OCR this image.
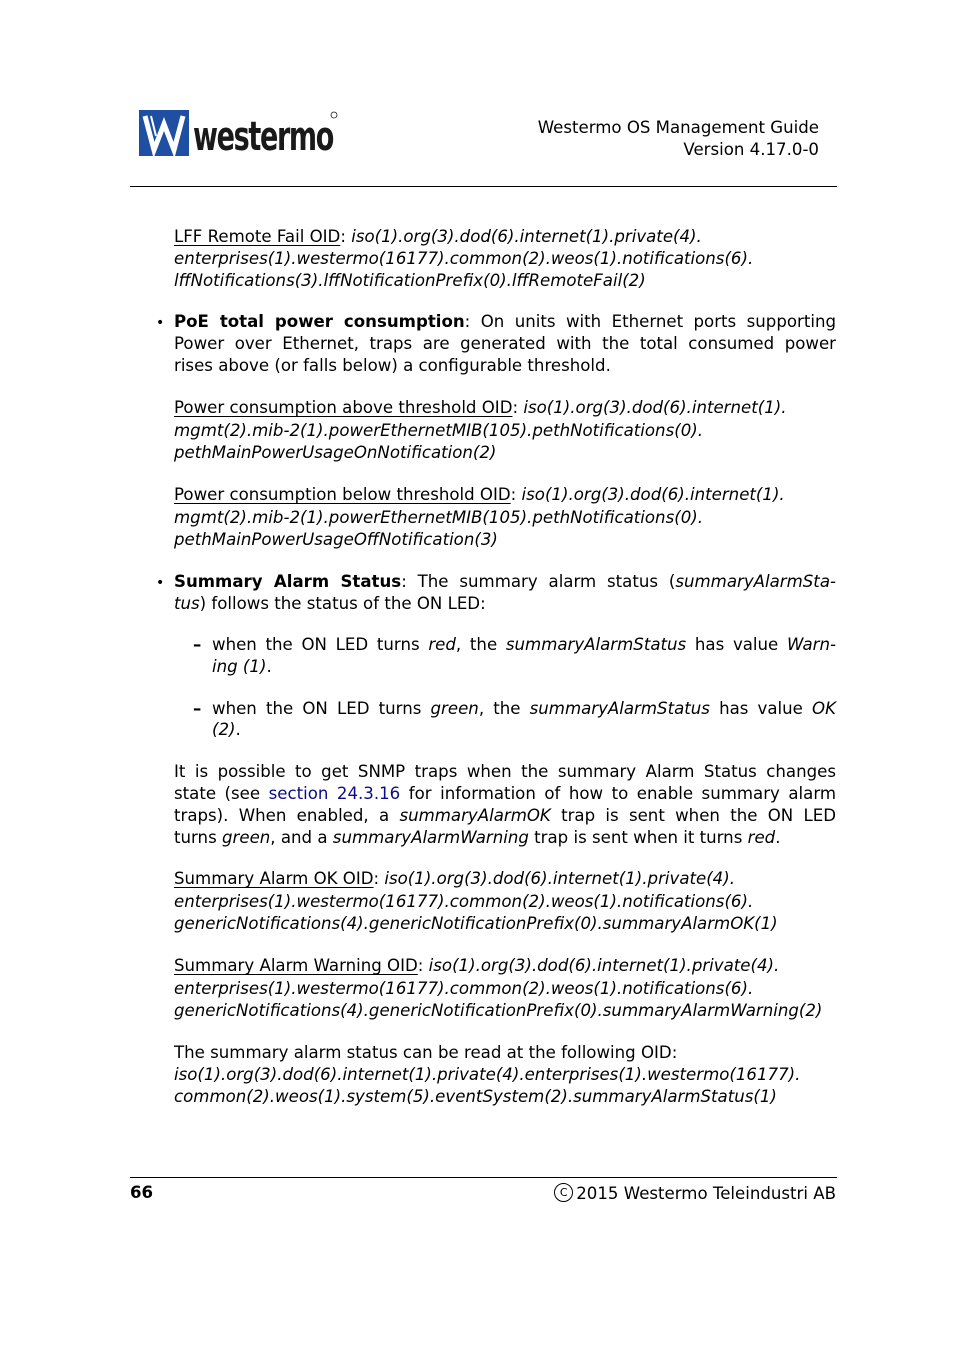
westermo	Westermo OS Management Guide
Version 4.17.0-0
LFF Remote Fail OID: iso(1).org(3).dod(6).internet(1).private(4).
enterprises(1).westermo(16177).common(2).weos(1).notifications(6).
lffNotifications(3).lffNotificationPrefix(0).lffRemoteFail(2)
• PoE total power consumption: On units with Ethernet ports supporting
Power over Ethernet, traps are generated with the total consumed power
rises above (or falls below) a configurable threshold.
Power consumption above threshold OID: iso(1).org(3).dod(6).internet(1).
mgmt(2).mib-2(1).powerEthernetMIB(105).pethNotifications(0).
pethMainPowerUsageOnNotification(2)
Power consumption below threshold OID: iso(1).org(3).dod(6).internet(1).
mgmt(2).mib-2(1).powerEthernetMIB(105).pethNotifications(0).
pethMainPowerUsageOffNotification(3)
• Summary Alarm Status: The summary alarm status (summaryAlarmSta-
tus) follows the status of the ON LED:
– when the ON LED turns red, the summaryAlarmStatus has value Warn-
ing (1).
– when the ON LED turns green, the summaryAlarmStatus has value OK
(2).
It is possible to get SNMP traps when the summary Alarm Status changes
state (see section 24.3.16 for information of how to enable summary alarm
traps). When enabled, a summaryAlarmOK trap is sent when the ON LED
turns green, and a summaryAlarmWarning trap is sent when it turns red.
Summary Alarm OK OID: iso(1).org(3).dod(6).internet(1).private(4).
enterprises(1).westermo(16177).common(2).weos(1).notifications(6).
genericNotifications(4).genericNotificationPrefix(0).summaryAlarmOK(1)
Summary Alarm Warning OID: iso(1).org(3).dod(6).internet(1).private(4).
enterprises(1).westermo(16177).common(2).weos(1).notifications(6).
genericNotifications(4).genericNotificationPrefix(0).summaryAlarmWarning(2)
The summary alarm status can be read at the following OID:
iso(1).org(3).dod(6).internet(1).private(4).enterprises(1).westermo(16177).
common(2).weos(1).system(5).eventSystem(2).summaryAlarmStatus(1)
66	C 2015 Westermo Teleindustri AB
